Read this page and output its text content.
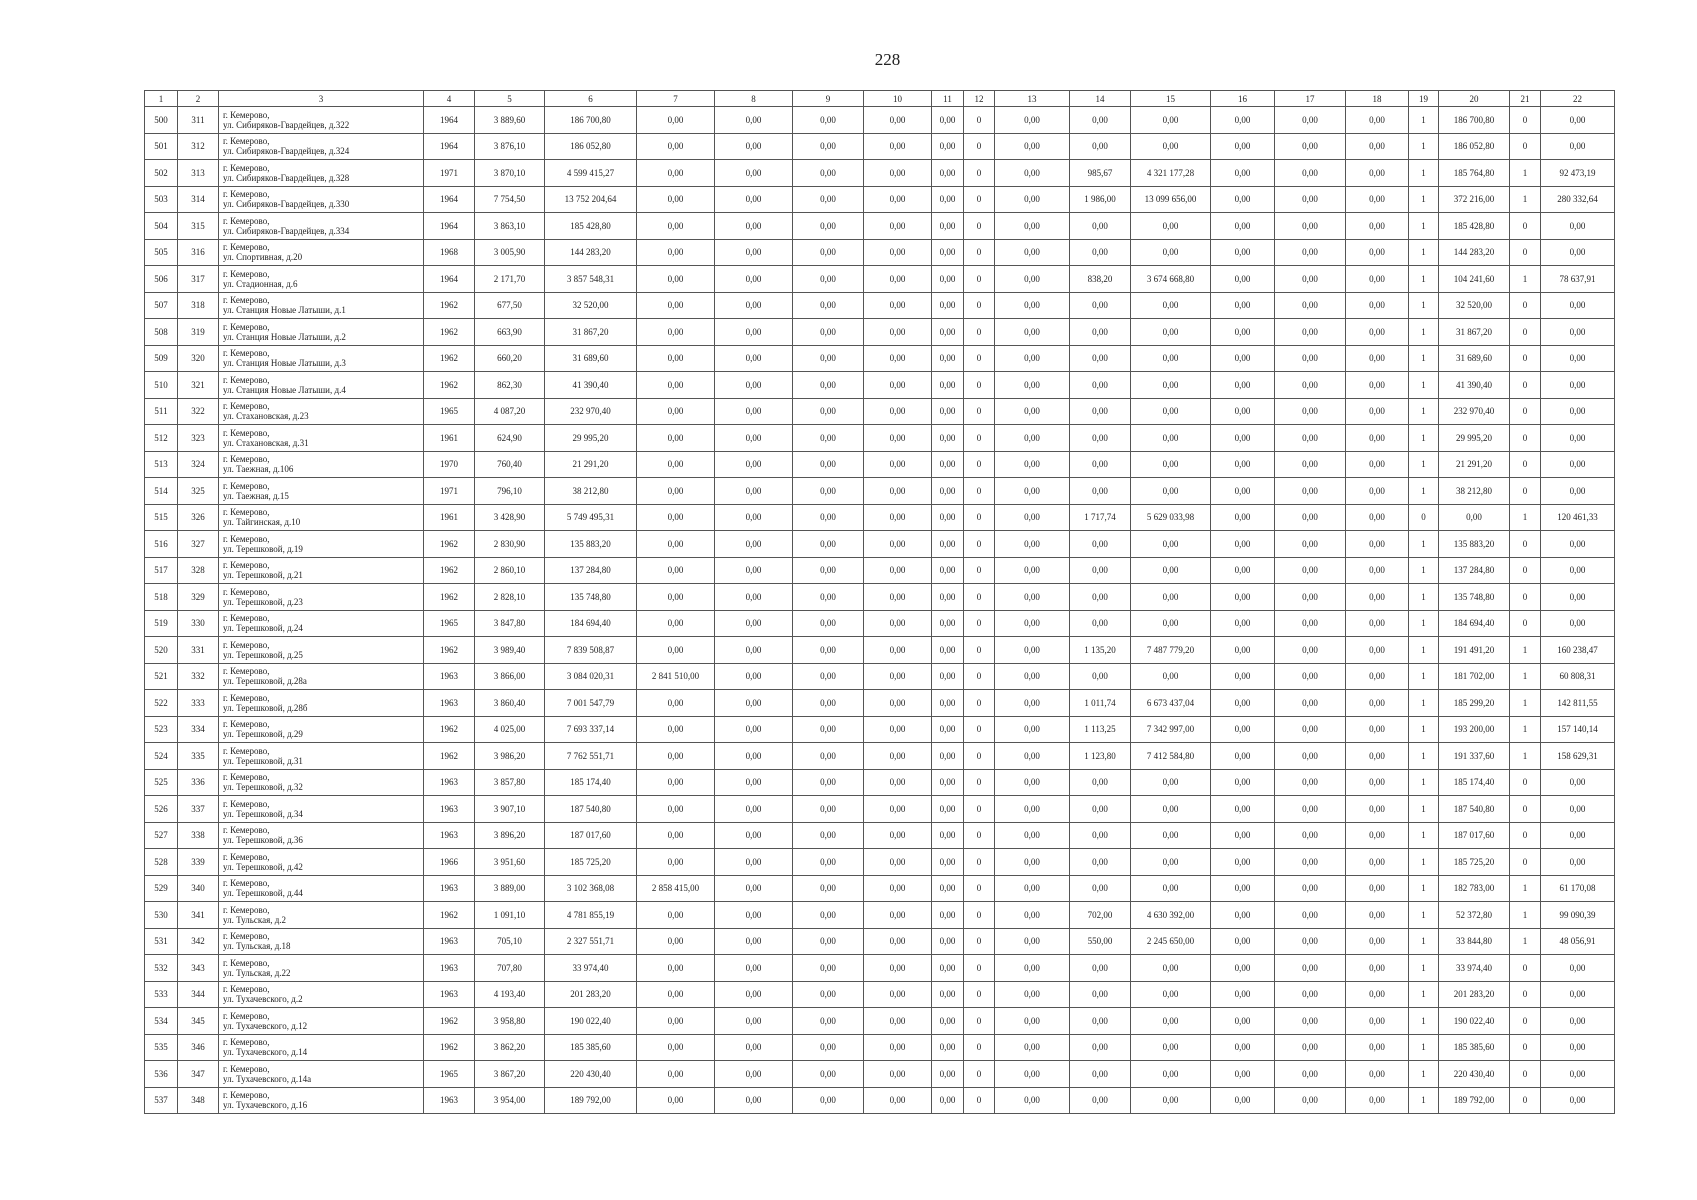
228
1	2	3	4	5	6	7	8	9	10	11	12	13	14	15	16	17	18	19	20	21	22
500	311	г. Кемерово,
ул. Сибиряков-Гвардейцев, д.322	1964	3 889,60	186 700,80	0,00	0,00	0,00	0,00	0,00	0	0,00	0,00	0,00	0,00	0,00	0,00	1	186 700,80	0	0,00
501	312	г. Кемерово,
ул. Сибиряков-Гвардейцев, д.324	1964	3 876,10	186 052,80	0,00	0,00	0,00	0,00	0,00	0	0,00	0,00	0,00	0,00	0,00	0,00	1	186 052,80	0	0,00
502	313	г. Кемерово,
ул. Сибиряков-Гвардейцев, д.328	1971	3 870,10	4 599 415,27	0,00	0,00	0,00	0,00	0,00	0	0,00	985,67	4 321 177,28	0,00	0,00	0,00	1	185 764,80	1	92 473,19
503	314	г. Кемерово,
ул. Сибиряков-Гвардейцев, д.330	1964	7 754,50	13 752 204,64	0,00	0,00	0,00	0,00	0,00	0	0,00	1 986,00	13 099 656,00	0,00	0,00	0,00	1	372 216,00	1	280 332,64
504	315	г. Кемерово,
ул. Сибиряков-Гвардейцев, д.334	1964	3 863,10	185 428,80	0,00	0,00	0,00	0,00	0,00	0	0,00	0,00	0,00	0,00	0,00	0,00	1	185 428,80	0	0,00
505	316	г. Кемерово,
ул. Спортивная, д.20	1968	3 005,90	144 283,20	0,00	0,00	0,00	0,00	0,00	0	0,00	0,00	0,00	0,00	0,00	0,00	1	144 283,20	0	0,00
506	317	г. Кемерово,
ул. Стадионная, д.6	1964	2 171,70	3 857 548,31	0,00	0,00	0,00	0,00	0,00	0	0,00	838,20	3 674 668,80	0,00	0,00	0,00	1	104 241,60	1	78 637,91
507	318	г. Кемерово,
ул. Станция Новые Латыши, д.1	1962	677,50	32 520,00	0,00	0,00	0,00	0,00	0,00	0	0,00	0,00	0,00	0,00	0,00	0,00	1	32 520,00	0	0,00
508	319	г. Кемерово,
ул. Станция Новые Латыши, д.2	1962	663,90	31 867,20	0,00	0,00	0,00	0,00	0,00	0	0,00	0,00	0,00	0,00	0,00	0,00	1	31 867,20	0	0,00
509	320	г. Кемерово,
ул. Станция Новые Латыши, д.3	1962	660,20	31 689,60	0,00	0,00	0,00	0,00	0,00	0	0,00	0,00	0,00	0,00	0,00	0,00	1	31 689,60	0	0,00
510	321	г. Кемерово,
ул. Станция Новые Латыши, д.4	1962	862,30	41 390,40	0,00	0,00	0,00	0,00	0,00	0	0,00	0,00	0,00	0,00	0,00	0,00	1	41 390,40	0	0,00
511	322	г. Кемерово,
ул. Стахановская, д.23	1965	4 087,20	232 970,40	0,00	0,00	0,00	0,00	0,00	0	0,00	0,00	0,00	0,00	0,00	0,00	1	232 970,40	0	0,00
512	323	г. Кемерово,
ул. Стахановская, д.31	1961	624,90	29 995,20	0,00	0,00	0,00	0,00	0,00	0	0,00	0,00	0,00	0,00	0,00	0,00	1	29 995,20	0	0,00
513	324	г. Кемерово,
ул. Таежная, д.106	1970	760,40	21 291,20	0,00	0,00	0,00	0,00	0,00	0	0,00	0,00	0,00	0,00	0,00	0,00	1	21 291,20	0	0,00
514	325	г. Кемерово,
ул. Таежная, д.15	1971	796,10	38 212,80	0,00	0,00	0,00	0,00	0,00	0	0,00	0,00	0,00	0,00	0,00	0,00	1	38 212,80	0	0,00
515	326	г. Кемерово,
ул. Тайгинская, д.10	1961	3 428,90	5 749 495,31	0,00	0,00	0,00	0,00	0,00	0	0,00	1 717,74	5 629 033,98	0,00	0,00	0,00	0	0,00	1	120 461,33
516	327	г. Кемерово,
ул. Терешковой, д.19	1962	2 830,90	135 883,20	0,00	0,00	0,00	0,00	0,00	0	0,00	0,00	0,00	0,00	0,00	0,00	1	135 883,20	0	0,00
517	328	г. Кемерово,
ул. Терешковой, д.21	1962	2 860,10	137 284,80	0,00	0,00	0,00	0,00	0,00	0	0,00	0,00	0,00	0,00	0,00	0,00	1	137 284,80	0	0,00
518	329	г. Кемерово,
ул. Терешковой, д.23	1962	2 828,10	135 748,80	0,00	0,00	0,00	0,00	0,00	0	0,00	0,00	0,00	0,00	0,00	0,00	1	135 748,80	0	0,00
519	330	г. Кемерово,
ул. Терешковой, д.24	1965	3 847,80	184 694,40	0,00	0,00	0,00	0,00	0,00	0	0,00	0,00	0,00	0,00	0,00	0,00	1	184 694,40	0	0,00
520	331	г. Кемерово,
ул. Терешковой, д.25	1962	3 989,40	7 839 508,87	0,00	0,00	0,00	0,00	0,00	0	0,00	1 135,20	7 487 779,20	0,00	0,00	0,00	1	191 491,20	1	160 238,47
521	332	г. Кемерово,
ул. Терешковой, д.28а	1963	3 866,00	3 084 020,31	2 841 510,00	0,00	0,00	0,00	0,00	0	0,00	0,00	0,00	0,00	0,00	0,00	1	181 702,00	1	60 808,31
522	333	г. Кемерово,
ул. Терешковой, д.28б	1963	3 860,40	7 001 547,79	0,00	0,00	0,00	0,00	0,00	0	0,00	1 011,74	6 673 437,04	0,00	0,00	0,00	1	185 299,20	1	142 811,55
523	334	г. Кемерово,
ул. Терешковой, д.29	1962	4 025,00	7 693 337,14	0,00	0,00	0,00	0,00	0,00	0	0,00	1 113,25	7 342 997,00	0,00	0,00	0,00	1	193 200,00	1	157 140,14
524	335	г. Кемерово,
ул. Терешковой, д.31	1962	3 986,20	7 762 551,71	0,00	0,00	0,00	0,00	0,00	0	0,00	1 123,80	7 412 584,80	0,00	0,00	0,00	1	191 337,60	1	158 629,31
525	336	г. Кемерово,
ул. Терешковой, д.32	1963	3 857,80	185 174,40	0,00	0,00	0,00	0,00	0,00	0	0,00	0,00	0,00	0,00	0,00	0,00	1	185 174,40	0	0,00
526	337	г. Кемерово,
ул. Терешковой, д.34	1963	3 907,10	187 540,80	0,00	0,00	0,00	0,00	0,00	0	0,00	0,00	0,00	0,00	0,00	0,00	1	187 540,80	0	0,00
527	338	г. Кемерово,
ул. Терешковой, д.36	1963	3 896,20	187 017,60	0,00	0,00	0,00	0,00	0,00	0	0,00	0,00	0,00	0,00	0,00	0,00	1	187 017,60	0	0,00
528	339	г. Кемерово,
ул. Терешковой, д.42	1966	3 951,60	185 725,20	0,00	0,00	0,00	0,00	0,00	0	0,00	0,00	0,00	0,00	0,00	0,00	1	185 725,20	0	0,00
529	340	г. Кемерово,
ул. Терешковой, д.44	1963	3 889,00	3 102 368,08	2 858 415,00	0,00	0,00	0,00	0,00	0	0,00	0,00	0,00	0,00	0,00	0,00	1	182 783,00	1	61 170,08
530	341	г. Кемерово,
ул. Тульская, д.2	1962	1 091,10	4 781 855,19	0,00	0,00	0,00	0,00	0,00	0	0,00	702,00	4 630 392,00	0,00	0,00	0,00	1	52 372,80	1	99 090,39
531	342	г. Кемерово,
ул. Тульская, д.18	1963	705,10	2 327 551,71	0,00	0,00	0,00	0,00	0,00	0	0,00	550,00	2 245 650,00	0,00	0,00	0,00	1	33 844,80	1	48 056,91
532	343	г. Кемерово,
ул. Тульская, д.22	1963	707,80	33 974,40	0,00	0,00	0,00	0,00	0,00	0	0,00	0,00	0,00	0,00	0,00	0,00	1	33 974,40	0	0,00
533	344	г. Кемерово,
ул. Тухачевского, д.2	1963	4 193,40	201 283,20	0,00	0,00	0,00	0,00	0,00	0	0,00	0,00	0,00	0,00	0,00	0,00	1	201 283,20	0	0,00
534	345	г. Кемерово,
ул. Тухачевского, д.12	1962	3 958,80	190 022,40	0,00	0,00	0,00	0,00	0,00	0	0,00	0,00	0,00	0,00	0,00	0,00	1	190 022,40	0	0,00
535	346	г. Кемерово,
ул. Тухачевского, д.14	1962	3 862,20	185 385,60	0,00	0,00	0,00	0,00	0,00	0	0,00	0,00	0,00	0,00	0,00	0,00	1	185 385,60	0	0,00
536	347	г. Кемерово,
ул. Тухачевского, д.14а	1965	3 867,20	220 430,40	0,00	0,00	0,00	0,00	0,00	0	0,00	0,00	0,00	0,00	0,00	0,00	1	220 430,40	0	0,00
537	348	г. Кемерово,
ул. Тухачевского, д.16	1963	3 954,00	189 792,00	0,00	0,00	0,00	0,00	0,00	0	0,00	0,00	0,00	0,00	0,00	0,00	1	189 792,00	0	0,00
